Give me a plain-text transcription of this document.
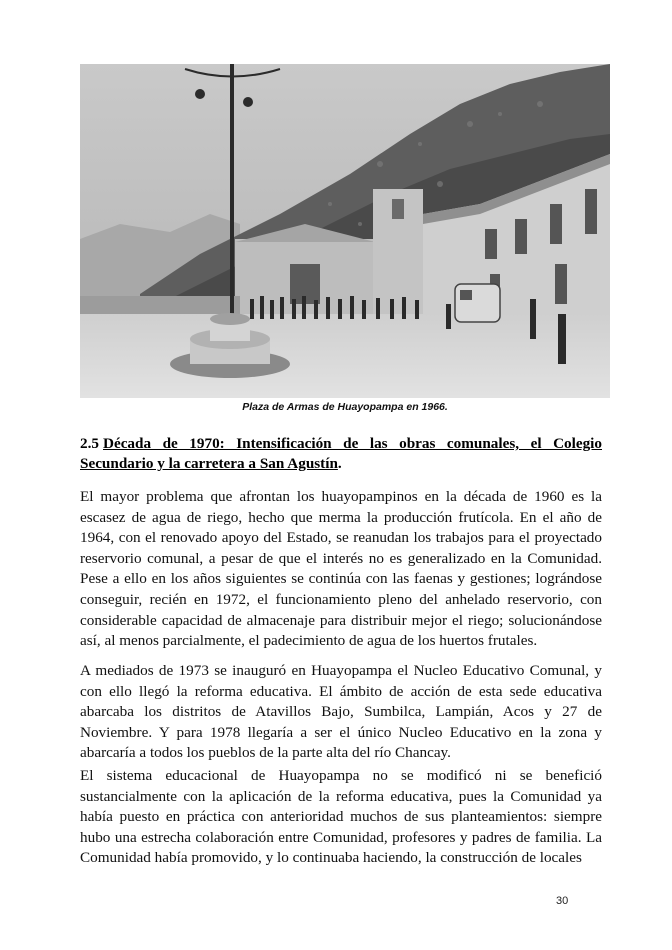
Plaza de Armas de Huayopampa en 1966.
2.5 Década de 1970: Intensificación de las obras comunales, el Colegio Secundario y la carretera a San Agustín.

El mayor problema que afrontan los huayopampinos en la década de 1960 es la escasez de agua de riego, hecho que merma la producción frutícola. En el año de 1964, con el renovado apoyo del Estado, se reanudan los trabajos para el proyectado reservorio comunal, a pesar de que el interés no es generalizado en la Comunidad. Pese a ello en los años siguientes se continúa con las faenas y gestiones; lográndose conseguir, recién en 1972, el funcionamiento pleno del anhelado reservorio, con considerable capacidad de almacenaje para distribuir mejor el riego; solucionándose así, al menos parcialmente, el padecimiento de agua de los huertos frutales.

A mediados de 1973 se inauguró en Huayopampa el Nucleo Educativo Comunal, y con ello llegó la reforma educativa. El ámbito de acción de esta sede educativa abarcaba los distritos de Atavillos Bajo, Sumbilca, Lampián, Acos y 27 de Noviembre. Y para 1978 llegaría a ser el único Nucleo Educativo en la zona y abarcaría a todos los pueblos de la parte alta del río Chancay.

El sistema educacional de Huayopampa no se modificó ni se benefició sustancialmente con la aplicación de la reforma educativa, pues la Comunidad ya había puesto en práctica con anterioridad muchos de sus planteamientos: siempre hubo una estrecha colaboración entre Comunidad, profesores y padres de familia. La Comunidad había promovido, y lo continuaba haciendo, la construcción de locales

30
